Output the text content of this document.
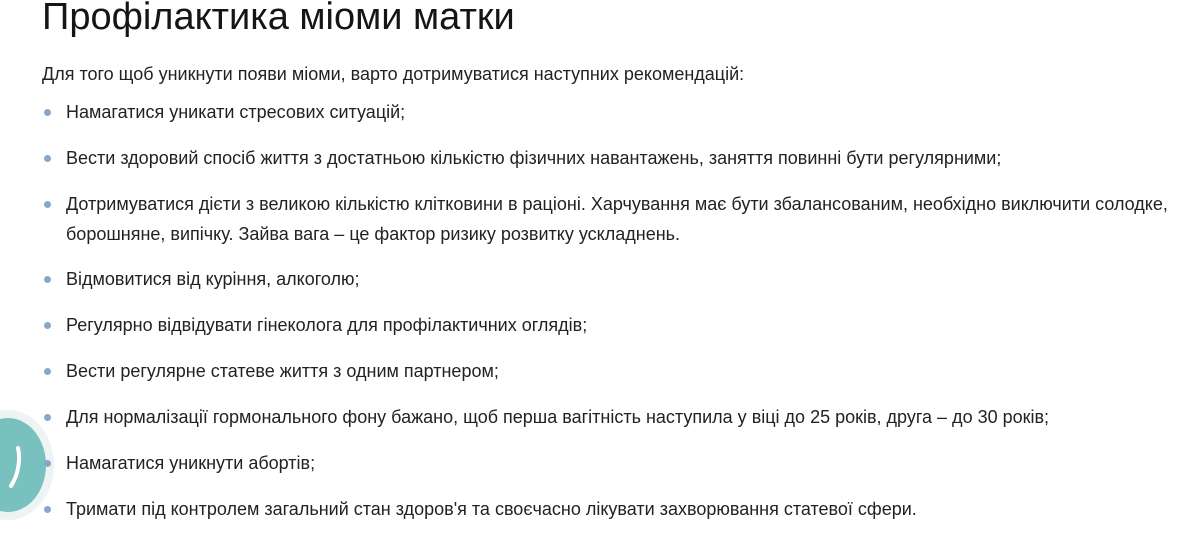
Профілактика міоми матки

Для того щоб уникнути появи міоми, варто дотримуватися наступних рекомендацій:

Намагатися уникати стресових ситуацій;
Вести здоровий спосіб життя з достатньою кількістю фізичних навантажень, заняття повинні бути регулярними;
Дотримуватися дієти з великою кількістю клітковини в раціоні. Харчування має бути збалансованим, необхідно виключити солодке, борошняне, випічку. Зайва вага – це фактор ризику розвитку ускладнень.
Відмовитися від куріння, алкоголю;
Регулярно відвідувати гінеколога для профілактичних оглядів;
Вести регулярне статеве життя з одним партнером;
Для нормалізації гормонального фону бажано, щоб перша вагітність наступила у віці до 25 років, друга – до 30 років;
Намагатися уникнути абортів;
Тримати під контролем загальний стан здоров'я та своєчасно лікувати захворювання статевої сфери.
